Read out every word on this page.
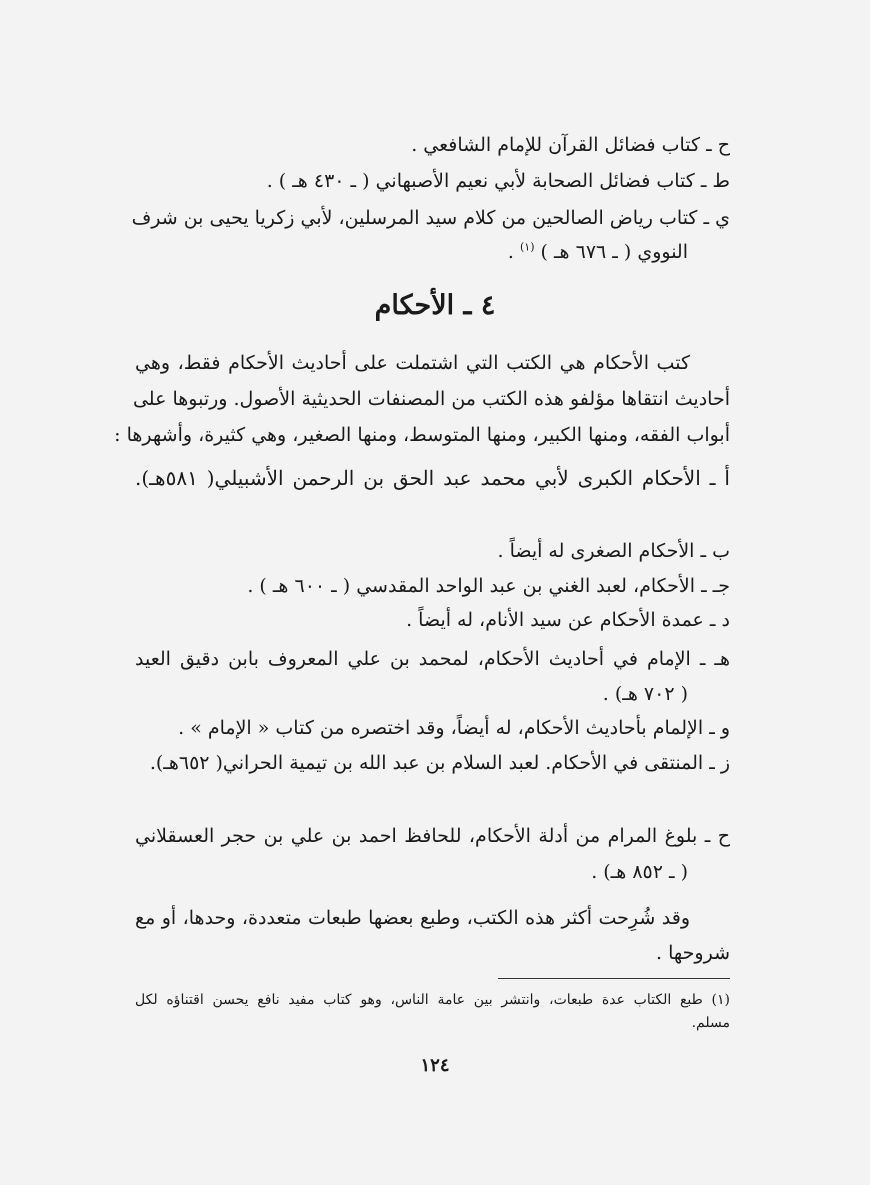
ح ـ كتاب فضائل القرآن للإمام الشافعي .
ط ـ كتاب فضائل الصحابة لأبي نعيم الأصبهاني ( ـ ٤٣٠ هـ ) .
ي ـ كتاب رياض الصالحين من كلام سيد المرسلين، لأبي زكريا يحيى بن شرف
النووي ( ـ ٦٧٦ هـ ) $^{(١)}$ .
٤ ـ الأحكام
كتب الأحكام هي الكتب التي اشتملت على أحاديث الأحكام فقط، وهي
أحاديث انتقاها مؤلفو هذه الكتب من المصنفات الحديثية الأصول. ورتبوها على
أبواب الفقه، ومنها الكبير، ومنها المتوسط، ومنها الصغير، وهي كثيرة، وأشهرها :
أ ـ الأحكام الكبرى لأبي محمد عبد الحق بن الرحمن الأشبيلي( ٥٨١هـ).
ب ـ الأحكام الصغرى له أيضاً .
جـ ـ الأحكام، لعبد الغني بن عبد الواحد المقدسي ( ـ ٦٠٠ هـ ) .
د ـ عمدة الأحكام عن سيد الأنام، له أيضاً .
هـ ـ الإمام في أحاديث الأحكام، لمحمد بن علي المعروف بابن دقيق العيد
( ٧٠٢ هـ) .
و ـ الإلمام بأحاديث الأحكام، له أيضاً، وقد اختصره من كتاب « الإمام » .
ز ـ المنتقى في الأحكام. لعبد السلام بن عبد الله بن تيمية الحراني( ٦٥٢هـ).
ح ـ بلوغ المرام من أدلة الأحكام، للحافظ احمد بن علي بن حجر العسقلاني
( ـ ٨٥٢ هـ) .
وقد شُرِحت أكثر هذه الكتب، وطبع بعضها طبعات متعددة، وحدها، أو مع
شروحها .
(١) طبع الكتاب عدة طبعات، وانتشر بين عامة الناس، وهو كتاب مفيد نافع يحسن اقتناؤه لكل
مسلم.
١٢٤
